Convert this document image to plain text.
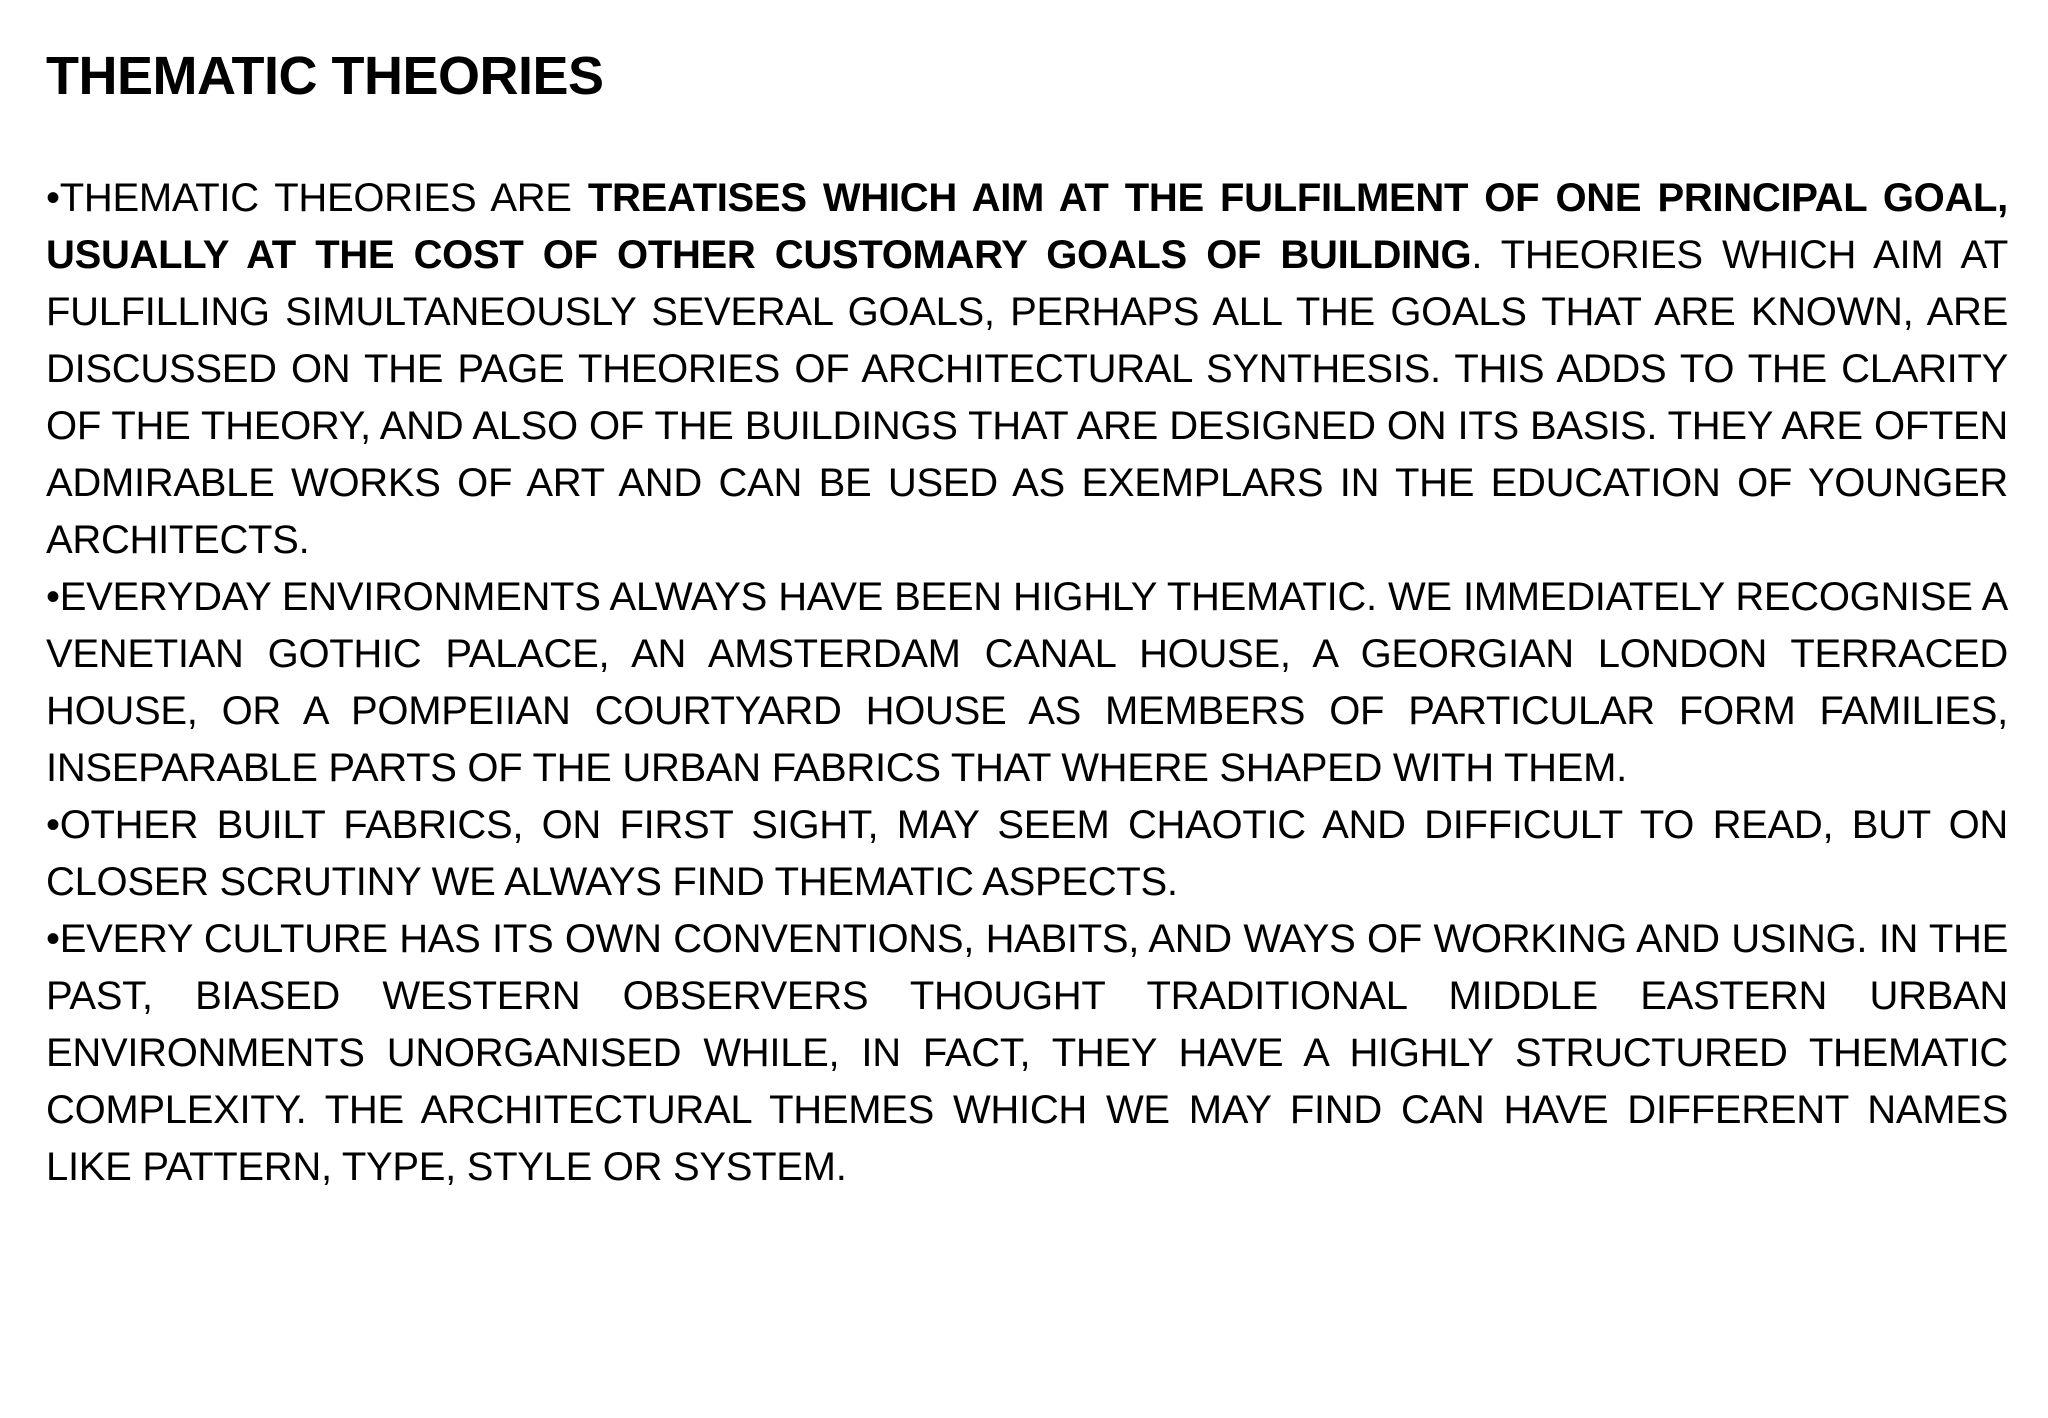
THEMATIC THEORIES

•THEMATIC THEORIES ARE TREATISES WHICH AIM AT THE FULFILMENT OF ONE PRINCIPAL GOAL, USUALLY AT THE COST OF OTHER CUSTOMARY GOALS OF BUILDING. THEORIES WHICH AIM AT FULFILLING SIMULTANEOUSLY SEVERAL GOALS, PERHAPS ALL THE GOALS THAT ARE KNOWN, ARE DISCUSSED ON THE PAGE THEORIES OF ARCHITECTURAL SYNTHESIS. THIS ADDS TO THE CLARITY OF THE THEORY, AND ALSO OF THE BUILDINGS THAT ARE DESIGNED ON ITS BASIS. THEY ARE OFTEN ADMIRABLE WORKS OF ART AND CAN BE USED AS EXEMPLARS IN THE EDUCATION OF YOUNGER ARCHITECTS.

•EVERYDAY ENVIRONMENTS ALWAYS HAVE BEEN HIGHLY THEMATIC. WE IMMEDIATELY RECOGNISE A VENETIAN GOTHIC PALACE, AN AMSTERDAM CANAL HOUSE, A GEORGIAN LONDON TERRACED HOUSE, OR A POMPEIIAN COURTYARD HOUSE AS MEMBERS OF PARTICULAR FORM FAMILIES, INSEPARABLE PARTS OF THE URBAN FABRICS THAT WHERE SHAPED WITH THEM.

•OTHER BUILT FABRICS, ON FIRST SIGHT, MAY SEEM CHAOTIC AND DIFFICULT TO READ, BUT ON CLOSER SCRUTINY WE ALWAYS FIND THEMATIC ASPECTS.

•EVERY CULTURE HAS ITS OWN CONVENTIONS, HABITS, AND WAYS OF WORKING AND USING. IN THE PAST, BIASED WESTERN OBSERVERS THOUGHT TRADITIONAL MIDDLE EASTERN URBAN ENVIRONMENTS UNORGANISED WHILE, IN FACT, THEY HAVE A HIGHLY STRUCTURED THEMATIC COMPLEXITY. THE ARCHITECTURAL THEMES WHICH WE MAY FIND CAN HAVE DIFFERENT NAMES LIKE PATTERN, TYPE, STYLE OR SYSTEM.
